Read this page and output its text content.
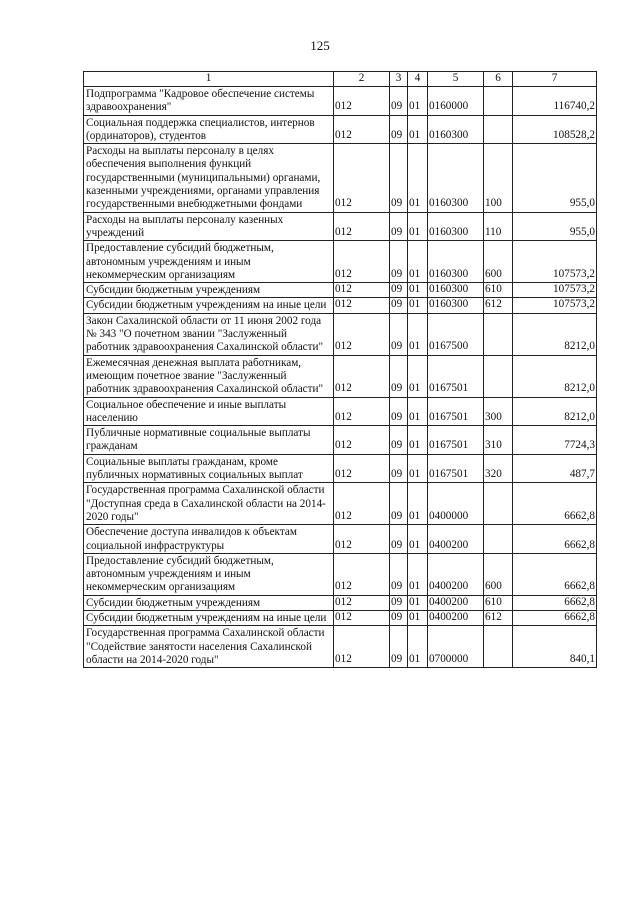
125
1	2	3	4	5	6	7
Подпрограмма "Кадровое обеспечение системы здравоохранения"	012	09	01	0160000		116740,2
Социальная поддержка специалистов, интернов (ординаторов), студентов	012	09	01	0160300		108528,2
Расходы на выплаты персоналу в целях обеспечения выполнения функций государственными (муниципальными) органами, казенными учреждениями, органами управления государственными внебюджетными фондами	012	09	01	0160300	100	955,0
Расходы на выплаты персоналу казенных учреждений	012	09	01	0160300	110	955,0
Предоставление субсидий бюджетным, автономным учреждениям и иным некоммерческим организациям	012	09	01	0160300	600	107573,2
Субсидии бюджетным учреждениям	012	09	01	0160300	610	107573,2
Субсидии бюджетным учреждениям на иные цели	012	09	01	0160300	612	107573,2
Закон Сахалинской области от 11 июня 2002 года № 343 "О почетном звании "Заслуженный работник здравоохранения Сахалинской области"	012	09	01	0167500		8212,0
Ежемесячная денежная выплата работникам, имеющим почетное звание "Заслуженный работник здравоохранения Сахалинской области"	012	09	01	0167501		8212,0
Социальное обеспечение и иные выплаты населению	012	09	01	0167501	300	8212,0
Публичные нормативные социальные выплаты гражданам	012	09	01	0167501	310	7724,3
Социальные выплаты гражданам, кроме публичных нормативных социальных выплат	012	09	01	0167501	320	487,7
Государственная программа Сахалинской области "Доступная среда в Сахалинской области на 2014-2020 годы"	012	09	01	0400000		6662,8
Обеспечение доступа инвалидов к объектам социальной инфраструктуры	012	09	01	0400200		6662,8
Предоставление субсидий бюджетным, автономным учреждениям и иным некоммерческим организациям	012	09	01	0400200	600	6662,8
Субсидии бюджетным учреждениям	012	09	01	0400200	610	6662,8
Субсидии бюджетным учреждениям на иные цели	012	09	01	0400200	612	6662,8
Государственная программа Сахалинской области "Содействие занятости населения Сахалинской области на 2014-2020 годы"	012	09	01	0700000		840,1
